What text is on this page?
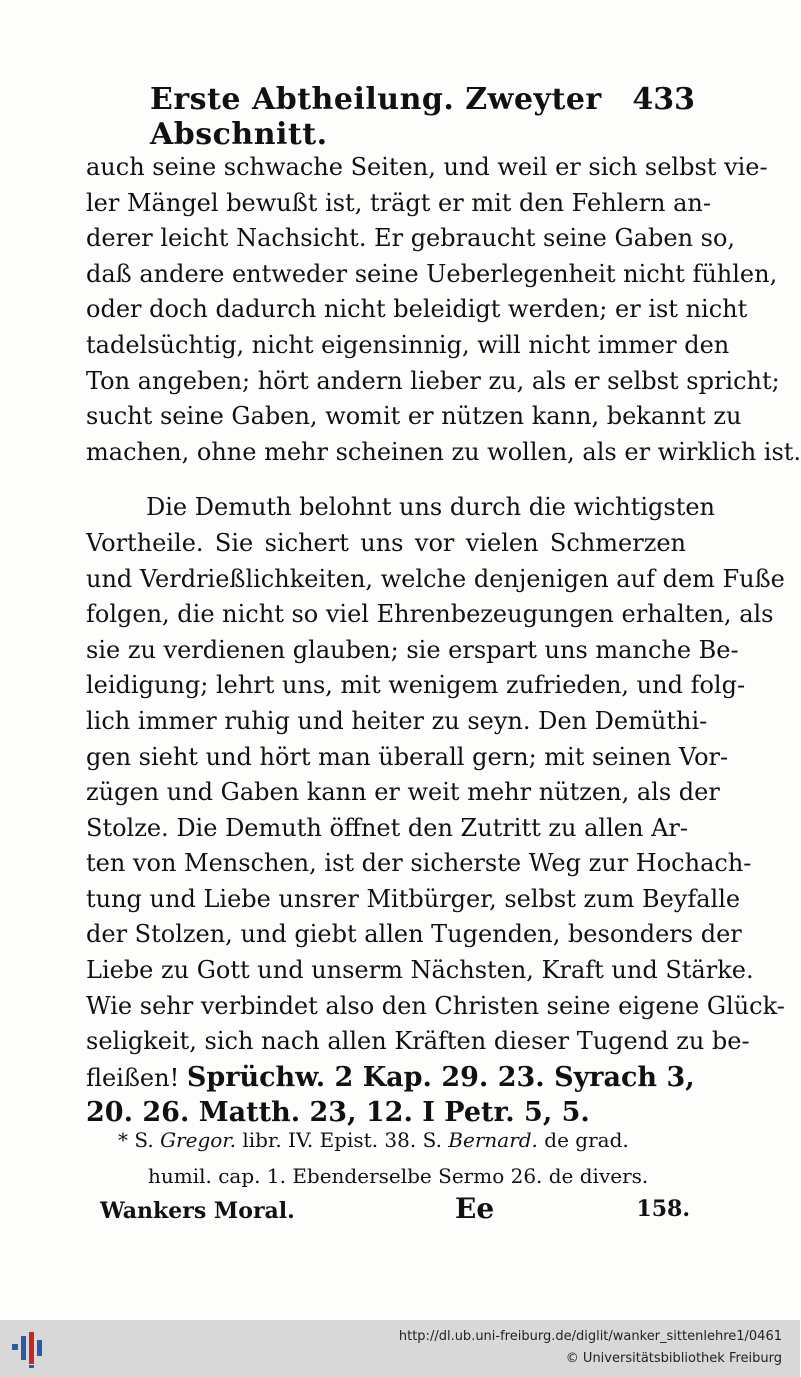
Erste Abtheilung. Zweyter Abschnitt.
433
auch seine schwache Seiten, und weil er sich selbst vie-
ler Mängel bewußt ist, trägt er mit den Fehlern an-
derer leicht Nachsicht. Er gebraucht seine Gaben so,
daß andere entweder seine Ueberlegenheit nicht fühlen,
oder doch dadurch nicht beleidigt werden; er ist nicht
tadelsüchtig, nicht eigensinnig, will nicht immer den
Ton angeben; hört andern lieber zu, als er selbst spricht;
sucht seine Gaben, womit er nützen kann, bekannt zu
machen, ohne mehr scheinen zu wollen, als er wirklich ist.
Die Demuth belohnt uns durch die wichtigsten
Vortheile. Sie sichert uns vor vielen Schmerzen
und Verdrießlichkeiten, welche denjenigen auf dem Fuße
folgen, die nicht so viel Ehrenbezeugungen erhalten, als
sie zu verdienen glauben; sie erspart uns manche Be-
leidigung; lehrt uns, mit wenigem zufrieden, und folg-
lich immer ruhig und heiter zu seyn. Den Demüthi-
gen sieht und hört man überall gern; mit seinen Vor-
zügen und Gaben kann er weit mehr nützen, als der
Stolze. Die Demuth öffnet den Zutritt zu allen Ar-
ten von Menschen, ist der sicherste Weg zur Hochach-
tung und Liebe unsrer Mitbürger, selbst zum Beyfalle
der Stolzen, und giebt allen Tugenden, besonders der
Liebe zu Gott und unserm Nächsten, Kraft und Stärke.
Wie sehr verbindet also den Christen seine eigene Glück-
seligkeit, sich nach allen Kräften dieser Tugend zu be-
fleißen! Sprüchw. 2 Kap. 29. 23. Syrach 3,
20. 26. Matth. 23, 12. I Petr. 5, 5.
* S. Gregor. libr. IV. Epist. 38. S. Bernard. de grad.
humil. cap. 1. Ebenderselbe Sermo 26. de divers.
Wankers Moral.	Ee	158.
http://dl.ub.uni-freiburg.de/diglit/wanker_sittenlehre1/0461
© Universitätsbibliothek Freiburg
